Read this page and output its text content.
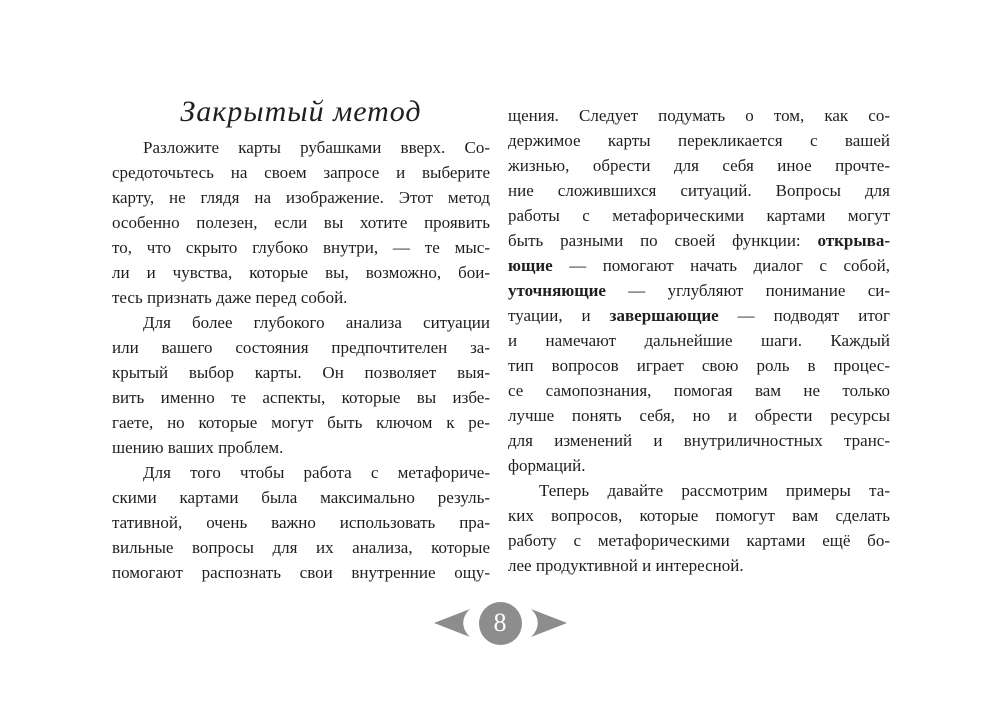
Закрытый метод
Разложите карты рубашками вверх. Со-
средоточьтесь на своем запросе и выберите
карту, не глядя на изображение. Этот метод
особенно полезен, если вы хотите проявить
то, что скрыто глубоко внутри, — те мыс-
ли и чувства, которые вы, возможно, бои-
тесь признать даже перед собой.
Для более глубокого анализа ситуации
или вашего состояния предпочтителен за-
крытый выбор карты. Он позволяет выя-
вить именно те аспекты, которые вы избе-
гаете, но которые могут быть ключом к ре-
шению ваших проблем.
Для того чтобы работа с метафориче-
скими картами была максимально резуль-
тативной, очень важно использовать пра-
вильные вопросы для их анализа, которые
помогают распознать свои внутренние ощу-
щения. Следует подумать о том, как со-
держимое карты перекликается с вашей
жизнью, обрести для себя иное прочте-
ние сложившихся ситуаций. Вопросы для
работы с метафорическими картами могут
быть разными по своей функции: открыва-
ющие — помогают начать диалог с собой,
уточняющие — углубляют понимание си-
туации, и завершающие — подводят итог
и намечают дальнейшие шаги. Каждый
тип вопросов играет свою роль в процес-
се самопознания, помогая вам не только
лучше понять себя, но и обрести ресурсы
для изменений и внутриличностных транс-
формаций.
Теперь давайте рассмотрим примеры та-
ких вопросов, которые помогут вам сделать
работу с метафорическими картами ещё бо-
лее продуктивной и интересной.
8
